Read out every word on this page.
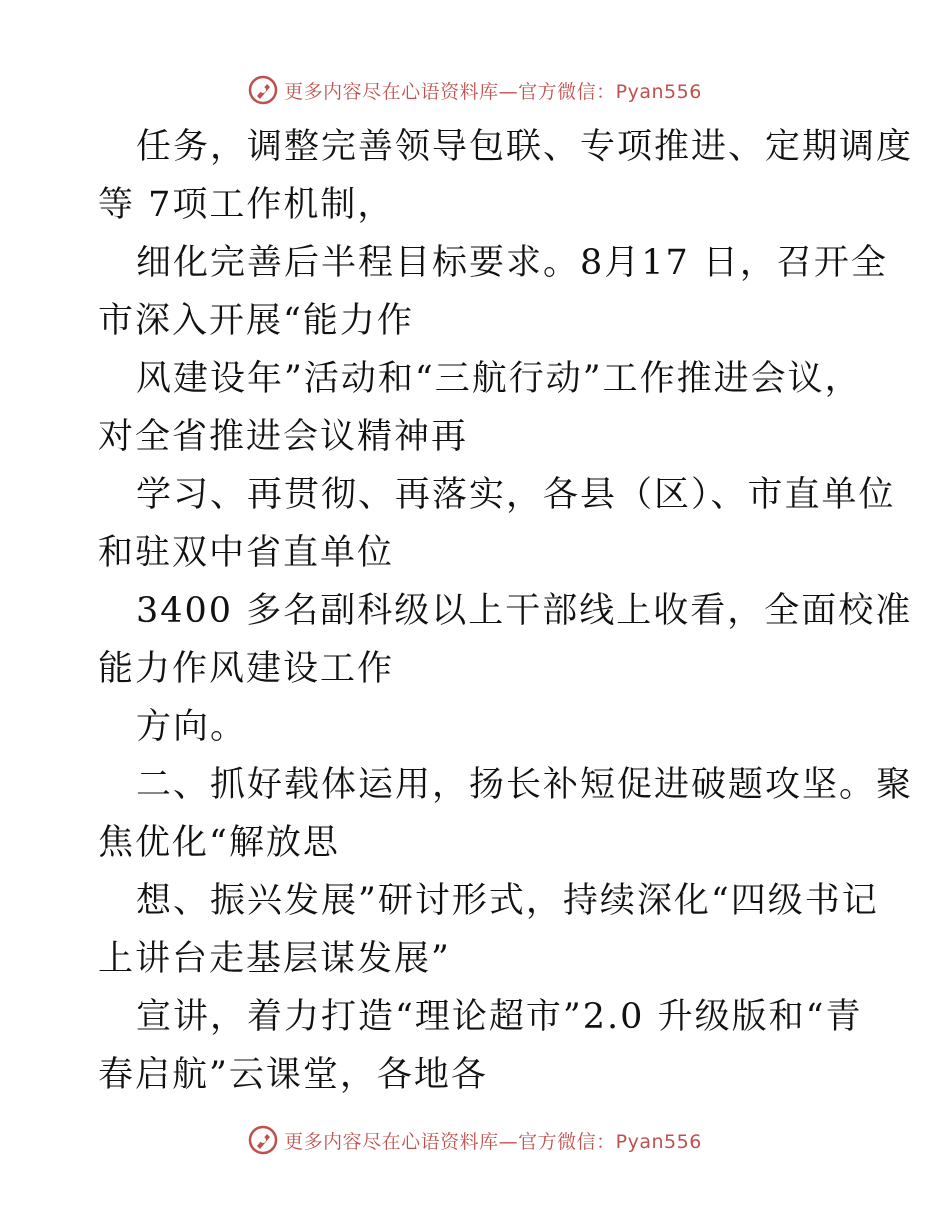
更多内容尽在心语资料库—官方微信：Pyan556
任务，调整完善领导包联、专项推进、定期调度
等 7项工作机制，
细化完善后半程目标要求。8月17 日，召开全
市深入开展“能力作
风建设年”活动和“三航行动”工作推进会议，
对全省推进会议精神再
学习、再贯彻、再落实，各县（区）、市直单位
和驻双中省直单位
3400 多名副科级以上干部线上收看，全面校准
能力作风建设工作
方向。
二、抓好载体运用，扬长补短促进破题攻坚。聚
焦优化“解放思
想、振兴发展”研讨形式，持续深化“四级书记
上讲台走基层谋发展”
宣讲，着力打造“理论超市”2.0 升级版和“青
春启航”云课堂，各地各
更多内容尽在心语资料库—官方微信：Pyan556
